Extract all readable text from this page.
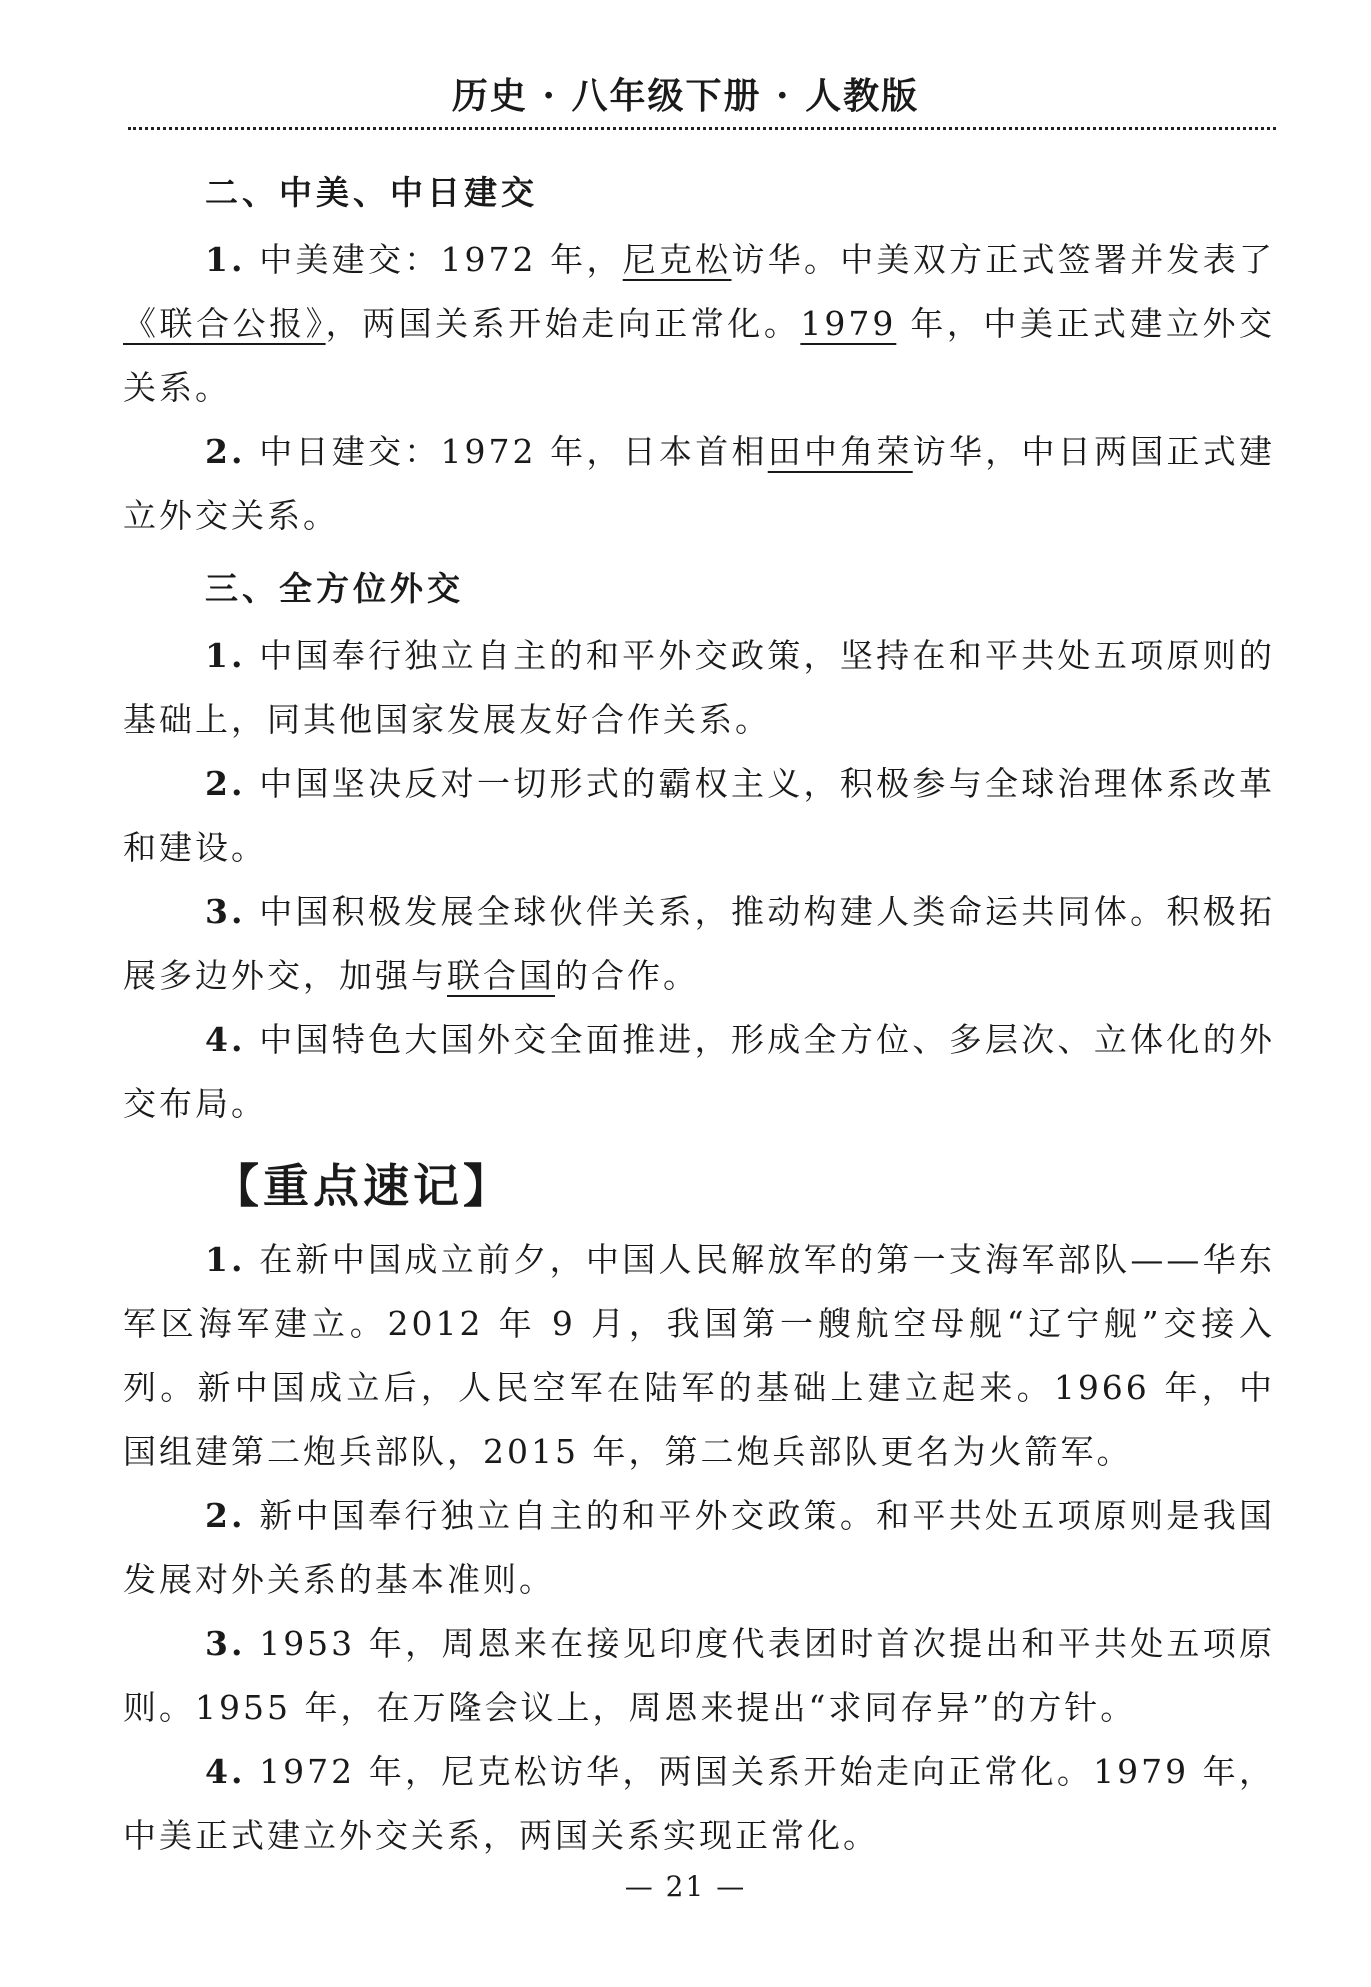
历史 · 八年级下册 · 人教版
二、中美、中日建交

1. 中美建交：1972 年，尼克松访华。中美双方正式签署并发表了《联合公报》，两国关系开始走向正常化。1979 年，中美正式建立外交关系。

2. 中日建交：1972 年，日本首相田中角荣访华，中日两国正式建立外交关系。

三、全方位外交

1. 中国奉行独立自主的和平外交政策，坚持在和平共处五项原则的基础上，同其他国家发展友好合作关系。

2. 中国坚决反对一切形式的霸权主义，积极参与全球治理体系改革和建设。

3. 中国积极发展全球伙伴关系，推动构建人类命运共同体。积极拓展多边外交，加强与联合国的合作。

4. 中国特色大国外交全面推进，形成全方位、多层次、立体化的外交布局。

【重点速记】

1. 在新中国成立前夕，中国人民解放军的第一支海军部队——华东军区海军建立。2012 年 9 月，我国第一艘航空母舰“辽宁舰”交接入列。新中国成立后，人民空军在陆军的基础上建立起来。1966 年，中国组建第二炮兵部队，2015 年，第二炮兵部队更名为火箭军。

2. 新中国奉行独立自主的和平外交政策。和平共处五项原则是我国发展对外关系的基本准则。

3. 1953 年，周恩来在接见印度代表团时首次提出和平共处五项原则。1955 年，在万隆会议上，周恩来提出“求同存异”的方针。

4. 1972 年，尼克松访华，两国关系开始走向正常化。1979 年，中美正式建立外交关系，两国关系实现正常化。

— 21 —
